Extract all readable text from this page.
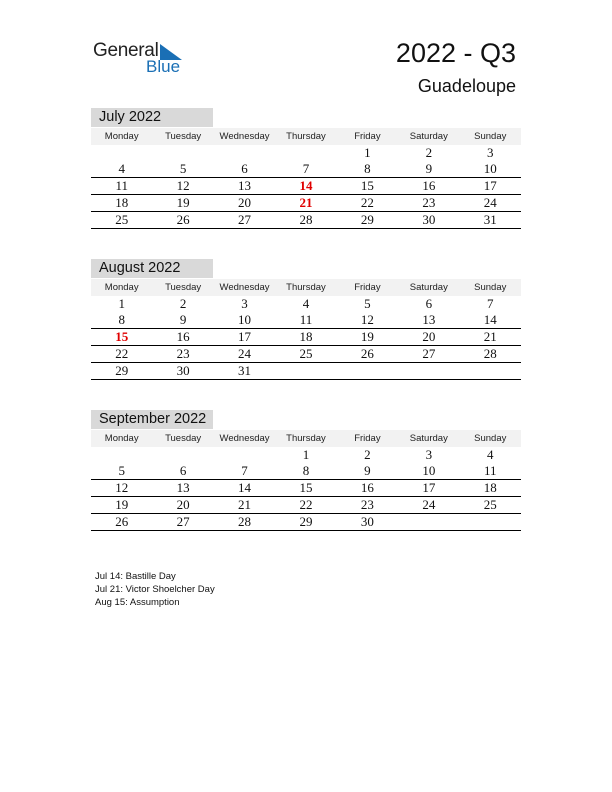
General
Blue	2022 - Q3
Guadeloupe
July 2022
Monday	Tuesday	Wednesday	Thursday	Friday	Saturday	Sunday
				1	2	3
4	5	6	7	8	9	10
11	12	13	14	15	16	17
18	19	20	21	22	23	24
25	26	27	28	29	30	31
August 2022
Monday	Tuesday	Wednesday	Thursday	Friday	Saturday	Sunday
1	2	3	4	5	6	7
8	9	10	11	12	13	14
15	16	17	18	19	20	21
22	23	24	25	26	27	28
29	30	31				
September 2022
Monday	Tuesday	Wednesday	Thursday	Friday	Saturday	Sunday
			1	2	3	4
5	6	7	8	9	10	11
12	13	14	15	16	17	18
19	20	21	22	23	24	25
26	27	28	29	30		
Jul 14: Bastille Day
Jul 21: Victor Shoelcher Day
Aug 15: Assumption
